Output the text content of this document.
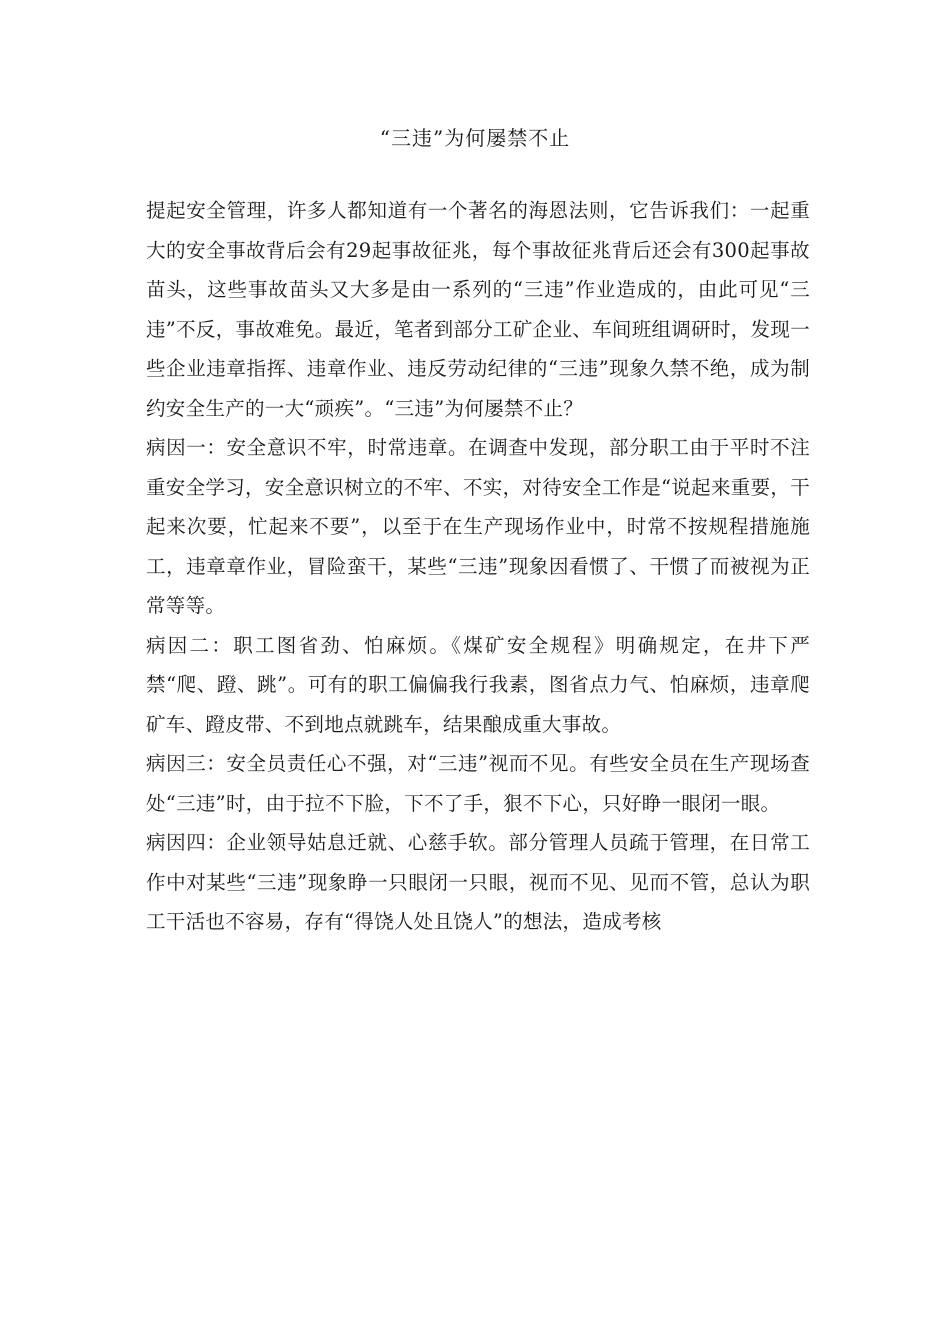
“三违”为何屡禁不止

提起安全管理，许多人都知道有一个著名的海恩法则，它告诉我们：一起重大的安全事故背后会有29起事故征兆，每个事故征兆背后还会有300起事故苗头，这些事故苗头又大多是由一系列的“三违”作业造成的，由此可见“三违”不反，事故难免。最近，笔者到部分工矿企业、车间班组调研时，发现一些企业违章指挥、违章作业、违反劳动纪律的“三违”现象久禁不绝，成为制约安全生产的一大“顽疾”。“三违”为何屡禁不止？

病因一：安全意识不牢，时常违章。在调查中发现，部分职工由于平时不注重安全学习，安全意识树立的不牢、不实，对待安全工作是“说起来重要，干起来次要，忙起来不要”，以至于在生产现场作业中，时常不按规程措施施工，违章章作业，冒险蛮干，某些“三违”现象因看惯了、干惯了而被视为正常等等。

病因二：职工图省劲、怕麻烦。《煤矿安全规程》明确规定，在井下严禁“爬、蹬、跳”。可有的职工偏偏我行我素，图省点力气、怕麻烦，违章爬矿车、蹬皮带、不到地点就跳车，结果酿成重大事故。

病因三：安全员责任心不强，对“三违”视而不见。有些安全员在生产现场查处“三违”时，由于拉不下脸，下不了手，狠不下心，只好睁一眼闭一眼。

病因四：企业领导姑息迁就、心慈手软。部分管理人员疏于管理，在日常工作中对某些“三违”现象睁一只眼闭一只眼，视而不见、见而不管，总认为职工干活也不容易，存有“得饶人处且饶人”的想法，造成考核
